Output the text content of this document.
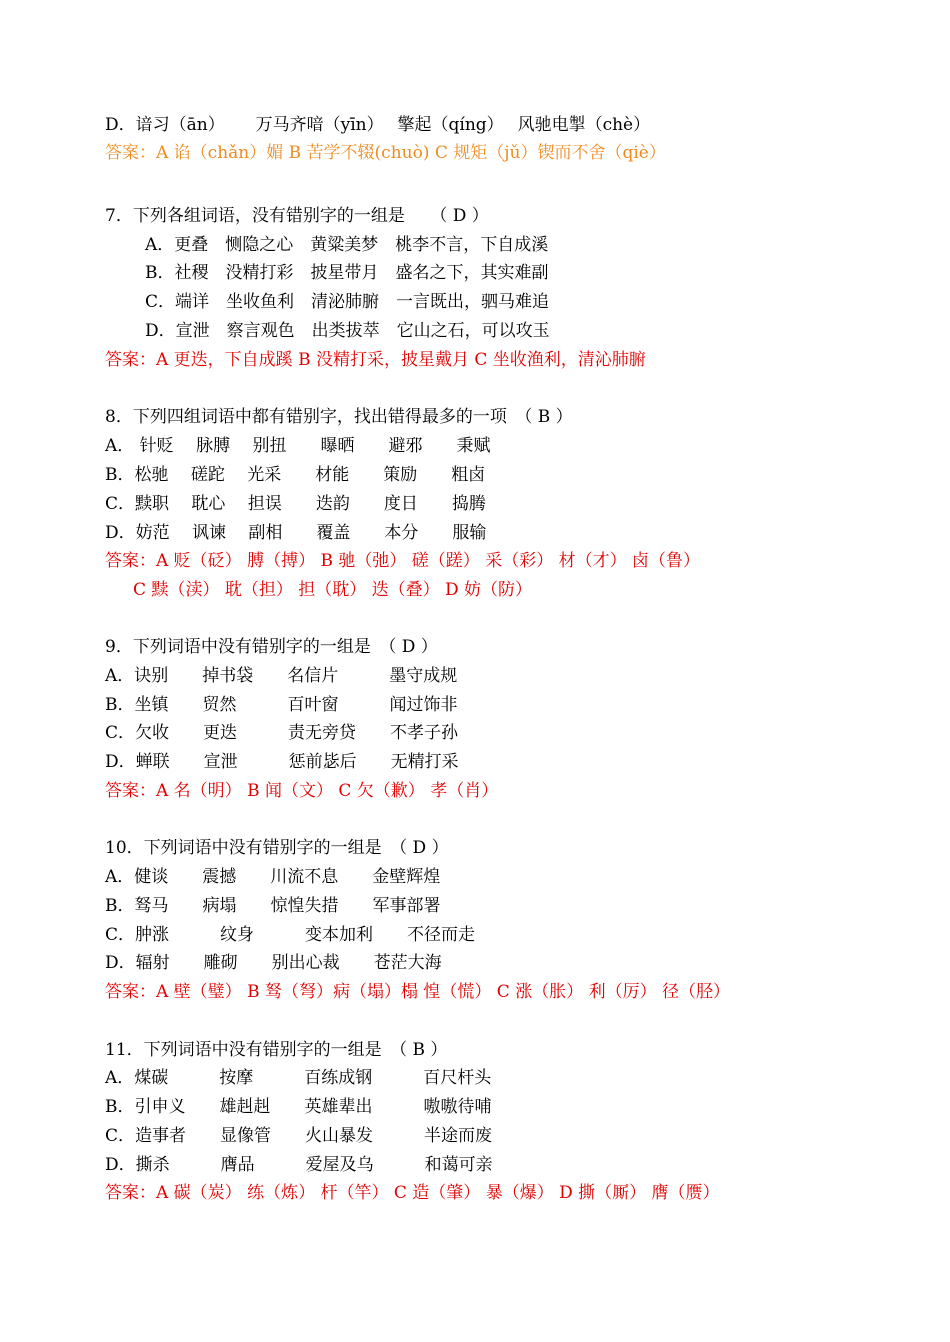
D．谙习（ān）　　 万马齐喑（yīn）　 擎起（qíng）　 风驰电掣（chè）
答案：A 谄（chǎn）媚 B 苦学不辍(chuò) C 规矩（jǔ）锲而不舍（qiè）
7．下列各组词语，没有错别字的一组是　　（ D ）
A．更叠　恻隐之心　黄粱美梦　桃李不言，下自成溪
B．社稷　没精打彩　披星带月　盛名之下，其实难副
C．端详　坐收鱼利　清泌肺腑　一言既出，驷马难追
D．宣泄　察言观色　出类拔萃　它山之石，可以攻玉
答案：A 更迭，下自成蹊 B 没精打采，披星戴月 C 坐收渔利，清沁肺腑
8．下列四组词语中都有错别字，找出错得最多的一项　（ B ）
A． 针贬　 脉膊　 别扭　　曝晒　　避邪　　秉赋
B．松驰　 磋跎　 光采　　材能　　策励　　粗卤
C．黩职　 耽心　 担误　　迭韵　　度日　　捣腾
D．妨范　 讽谏　 副相　　覆盖　　本分　　服输
答案：A 贬（砭） 膊（搏） B 驰（弛） 磋（蹉） 采（彩） 材（才） 卤（鲁）
C 黩（渎） 耽（担） 担（耽） 迭（叠） D 妨（防）
9．下列词语中没有错别字的一组是　（ D ）
A．诀别　　掉书袋　　名信片　　　墨守成规
B．坐镇　　贸然　　　百叶窗　　　闻过饰非
C．欠收　　更迭　　　责无旁贷　　不孝子孙
D．蝉联　　宣泄　　　惩前毖后　　无精打采
答案：A 名（明） B 闻（文） C 欠（歉） 孝（肖）
10．下列词语中没有错别字的一组是　（ D ）
A．健谈　　震撼　　川流不息　　金壁辉煌
B．驽马　　病塌　　惊惶失措　　军事部署
C．肿涨　　　纹身　　　变本加利　　不径而走
D．辐射　　雕砌　　别出心裁　　苍茫大海
答案：A 壁（璧） B 驽（弩）病（塌）榻 惶（慌） C 涨（胀） 利（厉） 径（胫）
11．下列词语中没有错别字的一组是　（ B ）
A．煤碳　　　按摩　　　百练成钢　　　百尺杆头
B．引申义　　雄赳赳　　英雄辈出　　　嗷嗷待哺
C．造事者　　显像管　　火山暴发　　　半途而废
D．撕杀　　　膺品　　　爱屋及乌　　　和蔼可亲
答案：A 碳（炭） 练（炼） 杆（竿） C 造（肇） 暴（爆） D 撕（厮） 膺（赝）
